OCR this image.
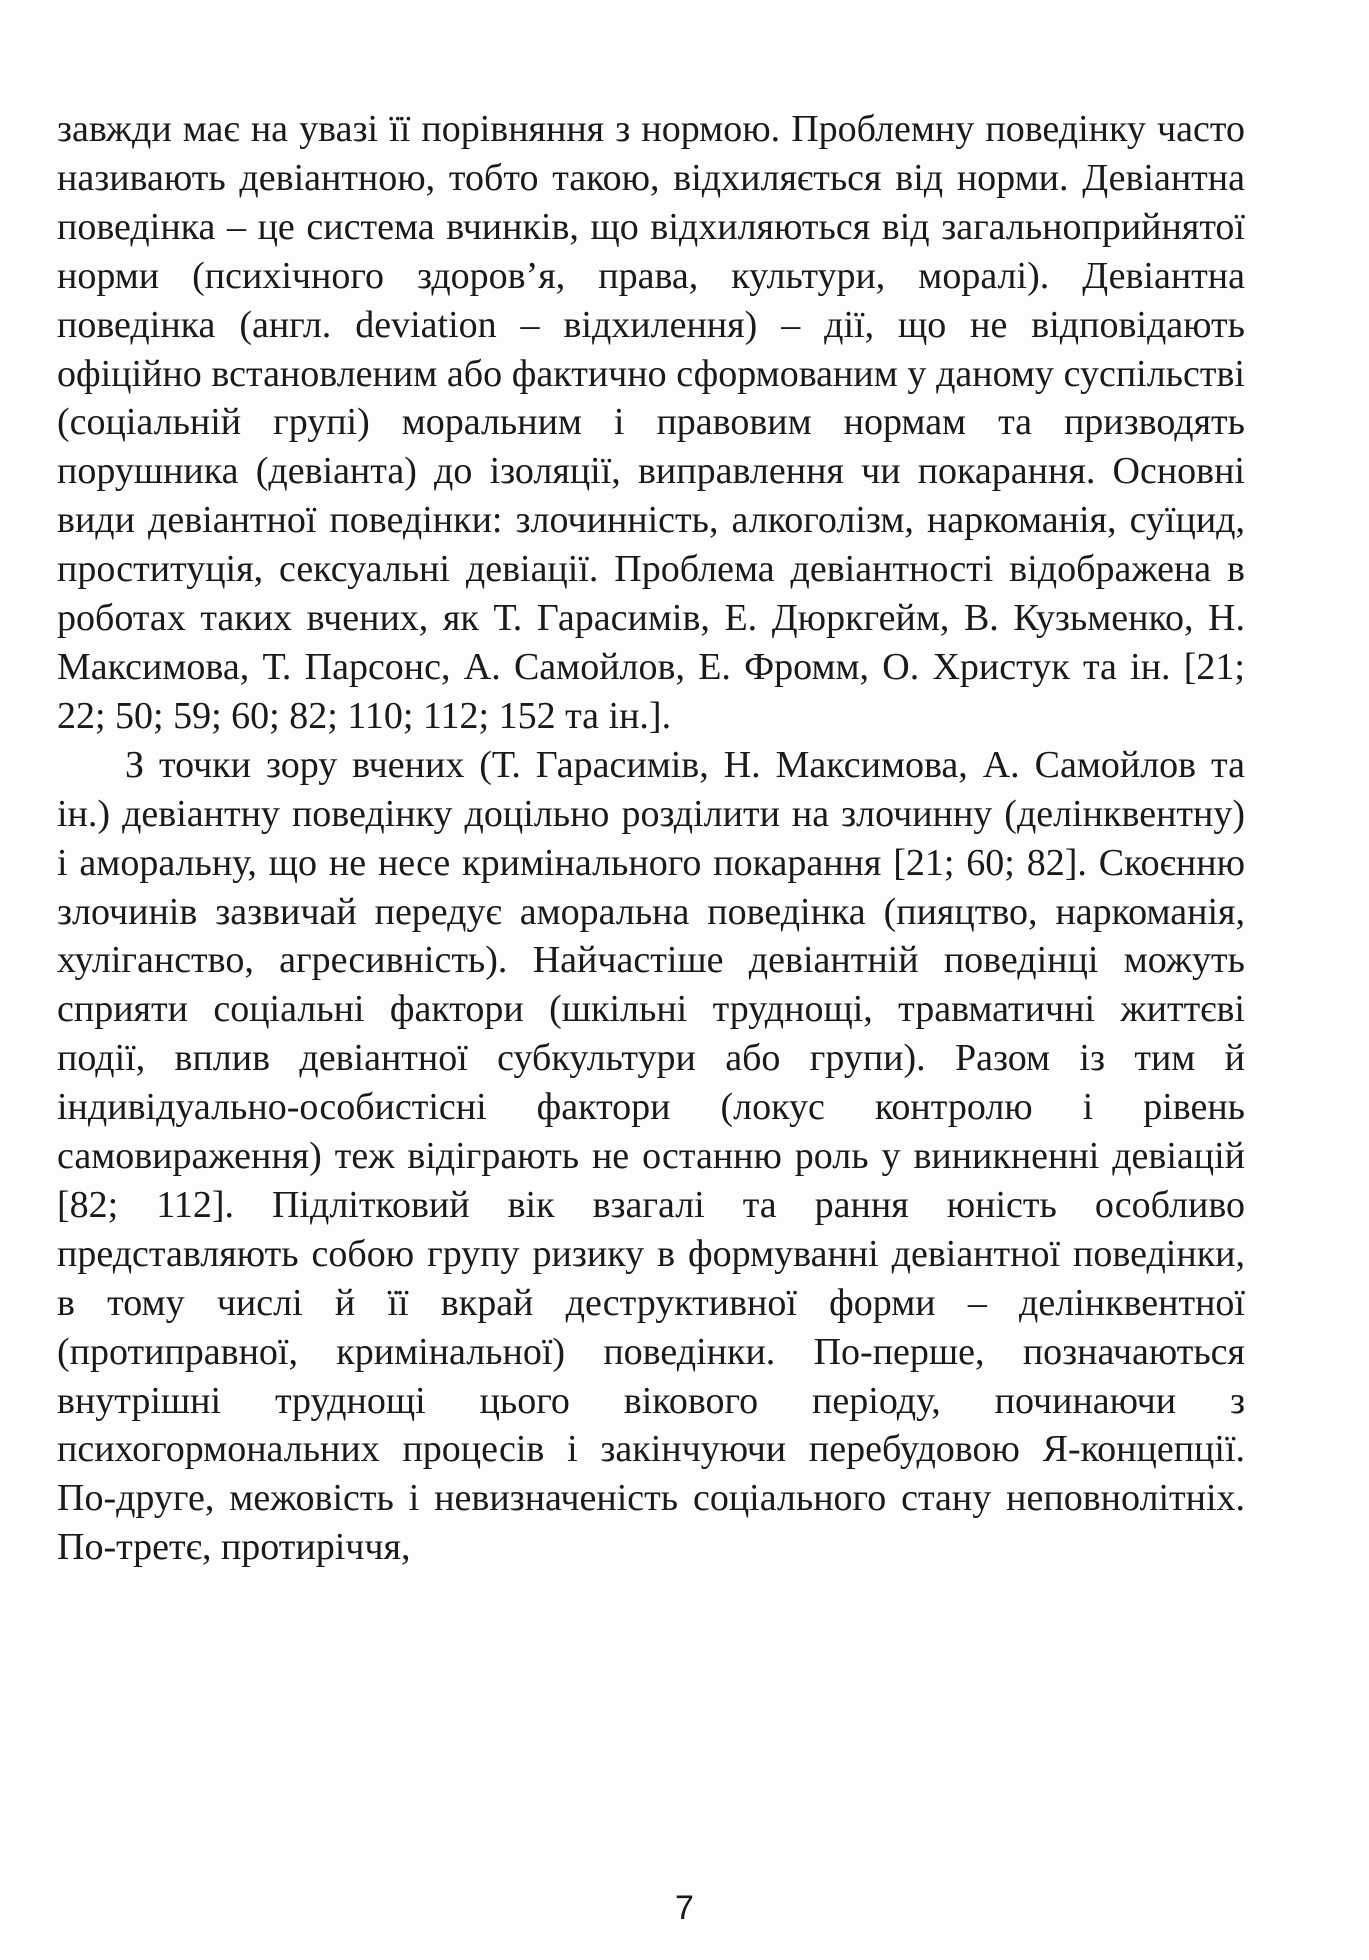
завжди має на увазі її порівняння з нормою. Проблемну поведінку часто називають девіантною, тобто такою, відхиляється від норми. Девіантна поведінка – це система вчинків, що відхиляються від загальноприйнятої норми (психічного здоров’я, права, культури, моралі). Девіантна поведінка (англ. deviation – відхилення) – дії, що не відповідають офіційно встановленим або фактично сформованим у даному суспільстві (соціальній групі) моральним і правовим нормам та призводять порушника (девіанта) до ізоляції, виправлення чи покарання. Основні види девіантної поведінки: злочинність, алкоголізм, наркоманія, суїцид, проституція, сексуальні девіації. Проблема девіантності відображена в роботах таких вчених, як Т. Гарасимів, Е. Дюркгейм, В. Кузьменко, Н. Максимова, Т. Парсонс, А. Самойлов, Е. Фромм, О. Христук та ін. [21; 22; 50; 59; 60; 82; 110; 112; 152 та ін.].

З точки зору вчених (Т. Гарасимів, Н. Максимова, А. Самойлов та ін.) девіантну поведінку доцільно розділити на злочинну (делінквентну) і аморальну, що не несе кримінального покарання [21; 60; 82]. Скоєнню злочинів зазвичай передує аморальна поведінка (пияцтво, наркоманія, хуліганство, агресивність). Найчастіше девіантній поведінці можуть сприяти соціальні фактори (шкільні труднощі, травматичні життєві події, вплив девіантної субкультури або групи). Разом із тим й індивідуально-особистісні фактори (локус контролю і рівень самовираження) теж відіграють не останню роль у виникненні девіацій [82; 112]. Підлітковий вік взагалі та рання юність особливо представляють собою групу ризику в формуванні девіантної поведінки, в тому числі й її вкрай деструктивної форми – делінквентної (протиправної, кримінальної) поведінки. По-перше, позначаються внутрішні труднощі цього вікового періоду, починаючи з психогормональних процесів і закінчуючи перебудовою Я-концепції. По-друге, межовість і невизначеність соціального стану неповнолітніх. По-третє, протиріччя,

7
